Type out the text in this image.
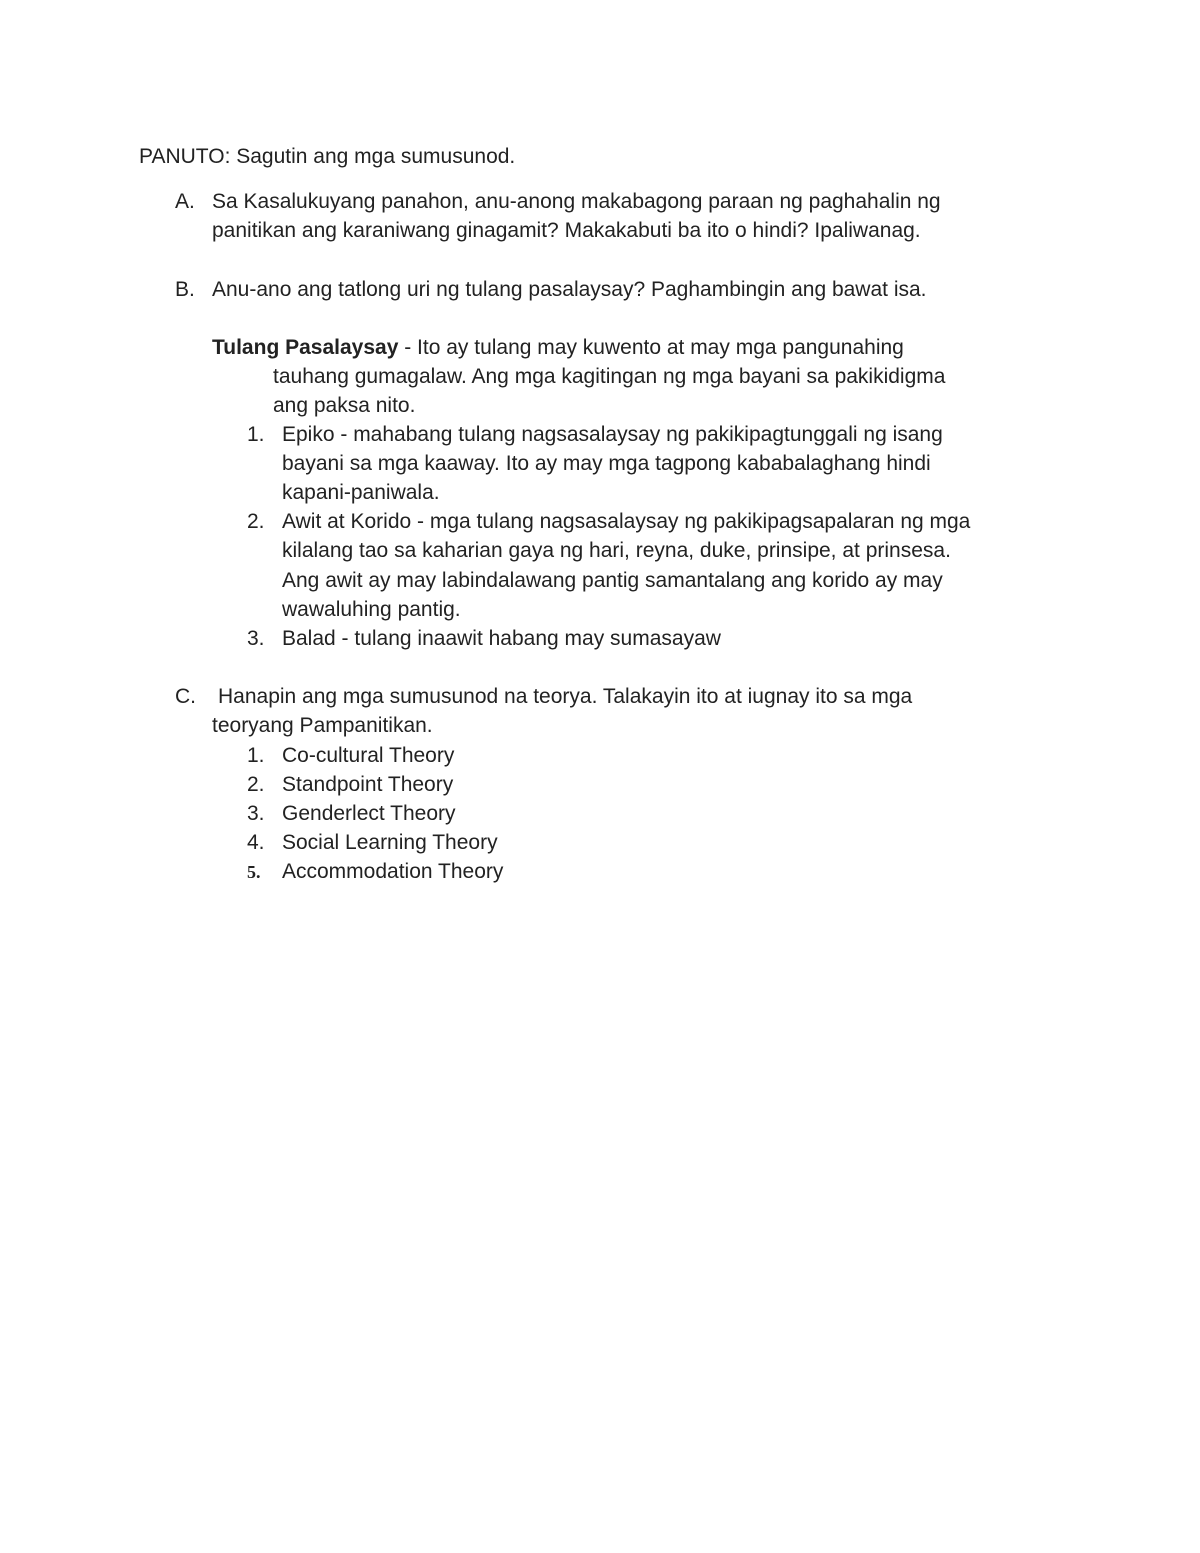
PANUTO: Sagutin ang mga sumusunod.
A. Sa Kasalukuyang panahon, anu-anong makabagong paraan ng paghahalin ng
panitikan ang karaniwang ginagamit? Makakabuti ba ito o hindi? Ipaliwanag.
B. Anu-ano ang tatlong uri ng tulang pasalaysay? Paghambingin ang bawat isa.
Tulang Pasalaysay - Ito ay tulang may kuwento at may mga pangunahing
tauhang gumagalaw. Ang mga kagitingan ng mga bayani sa pakikidigma
ang paksa nito.
1. Epiko - mahabang tulang nagsasalaysay ng pakikipagtunggali ng isang
bayani sa mga kaaway. Ito ay may mga tagpong kababalaghang hindi
kapani-paniwala.
2. Awit at Korido - mga tulang nagsasalaysay ng pakikipagsapalaran ng mga
kilalang tao sa kaharian gaya ng hari, reyna, duke, prinsipe, at prinsesa.
Ang awit ay may labindalawang pantig samantalang ang korido ay may
wawaluhing pantig.
3. Balad - tulang inaawit habang may sumasayaw
C. Hanapin ang mga sumusunod na teorya. Talakayin ito at iugnay ito sa mga
teoryang Pampanitikan.
1. Co-cultural Theory
2. Standpoint Theory
3. Genderlect Theory
4. Social Learning Theory
5. Accommodation Theory
